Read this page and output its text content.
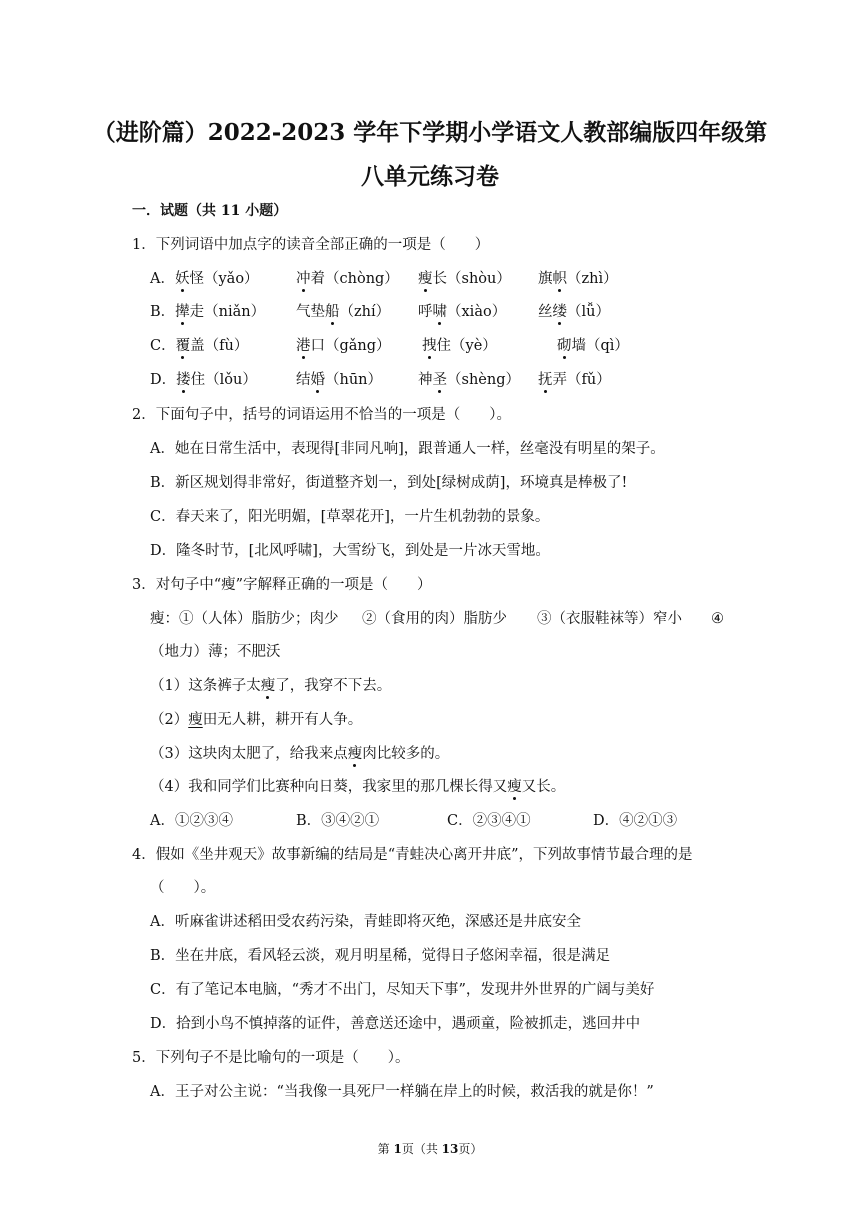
（进阶篇）2022-2023 学年下学期小学语文人教部编版四年级第
八单元练习卷
一．试题（共 11 小题）
1．下列词语中加点字的读音全部正确的一项是（　　）
A．妖怪（yǎo）	冲着（chòng） 瘦长（shòu） 旗帜（zhì）
B．撵走（niǎn） 气垫船（zhí） 呼啸（xiào） 丝缕（lǚ）
C．覆盖（fù）	港口（gǎng） 拽住（yè）	砌墙（qì）
D．搂住（lǒu）	结婚（hūn） 神圣（shèng） 抚弄（fǔ）
2．下面句子中，括号的词语运用不恰当的一项是（　　）。
A．她在日常生活中，表现得[非同凡响]，跟普通人一样，丝毫没有明星的架子。
B．新区规划得非常好，街道整齐划一，到处[绿树成荫]，环境真是棒极了!
C．春天来了，阳光明媚，[草翠花开]，一片生机勃勃的景象。
D．隆冬时节，[北风呼啸]，大雪纷飞，到处是一片冰天雪地。
3．对句子中“瘦”字解释正确的一项是（　　）
瘦：①（人体）脂肪少；肉少 ②（食用的肉）脂肪少 ③（衣服鞋袜等）窄小 ④
（地力）薄；不肥沃
（1）这条裤子太瘦了，我穿不下去。
（2）瘦田无人耕，耕开有人争。
（3）这块肉太肥了，给我来点瘦肉比较多的。
（4）我和同学们比赛种向日葵，我家里的那几棵长得又瘦又长。
A．①②③④	B．③④②①	C．②③④①	D．④②①③
4．假如《坐井观天》故事新编的结局是“青蛙决心离开井底”，下列故事情节最合理的是
（　　）。
A．听麻雀讲述稻田受农药污染，青蛙即将灭绝，深感还是井底安全
B．坐在井底，看风轻云淡，观月明星稀，觉得日子悠闲幸福，很是满足
C．有了笔记本电脑，“秀才不出门，尽知天下事”，发现井外世界的广阔与美好
D．拾到小鸟不慎掉落的证件，善意送还途中，遇顽童，险被抓走，逃回井中
5．下列句子不是比喻句的一项是（　　）。
A．王子对公主说：“当我像一具死尸一样躺在岸上的时候，救活我的就是你！”
第 1页（共 13页）
